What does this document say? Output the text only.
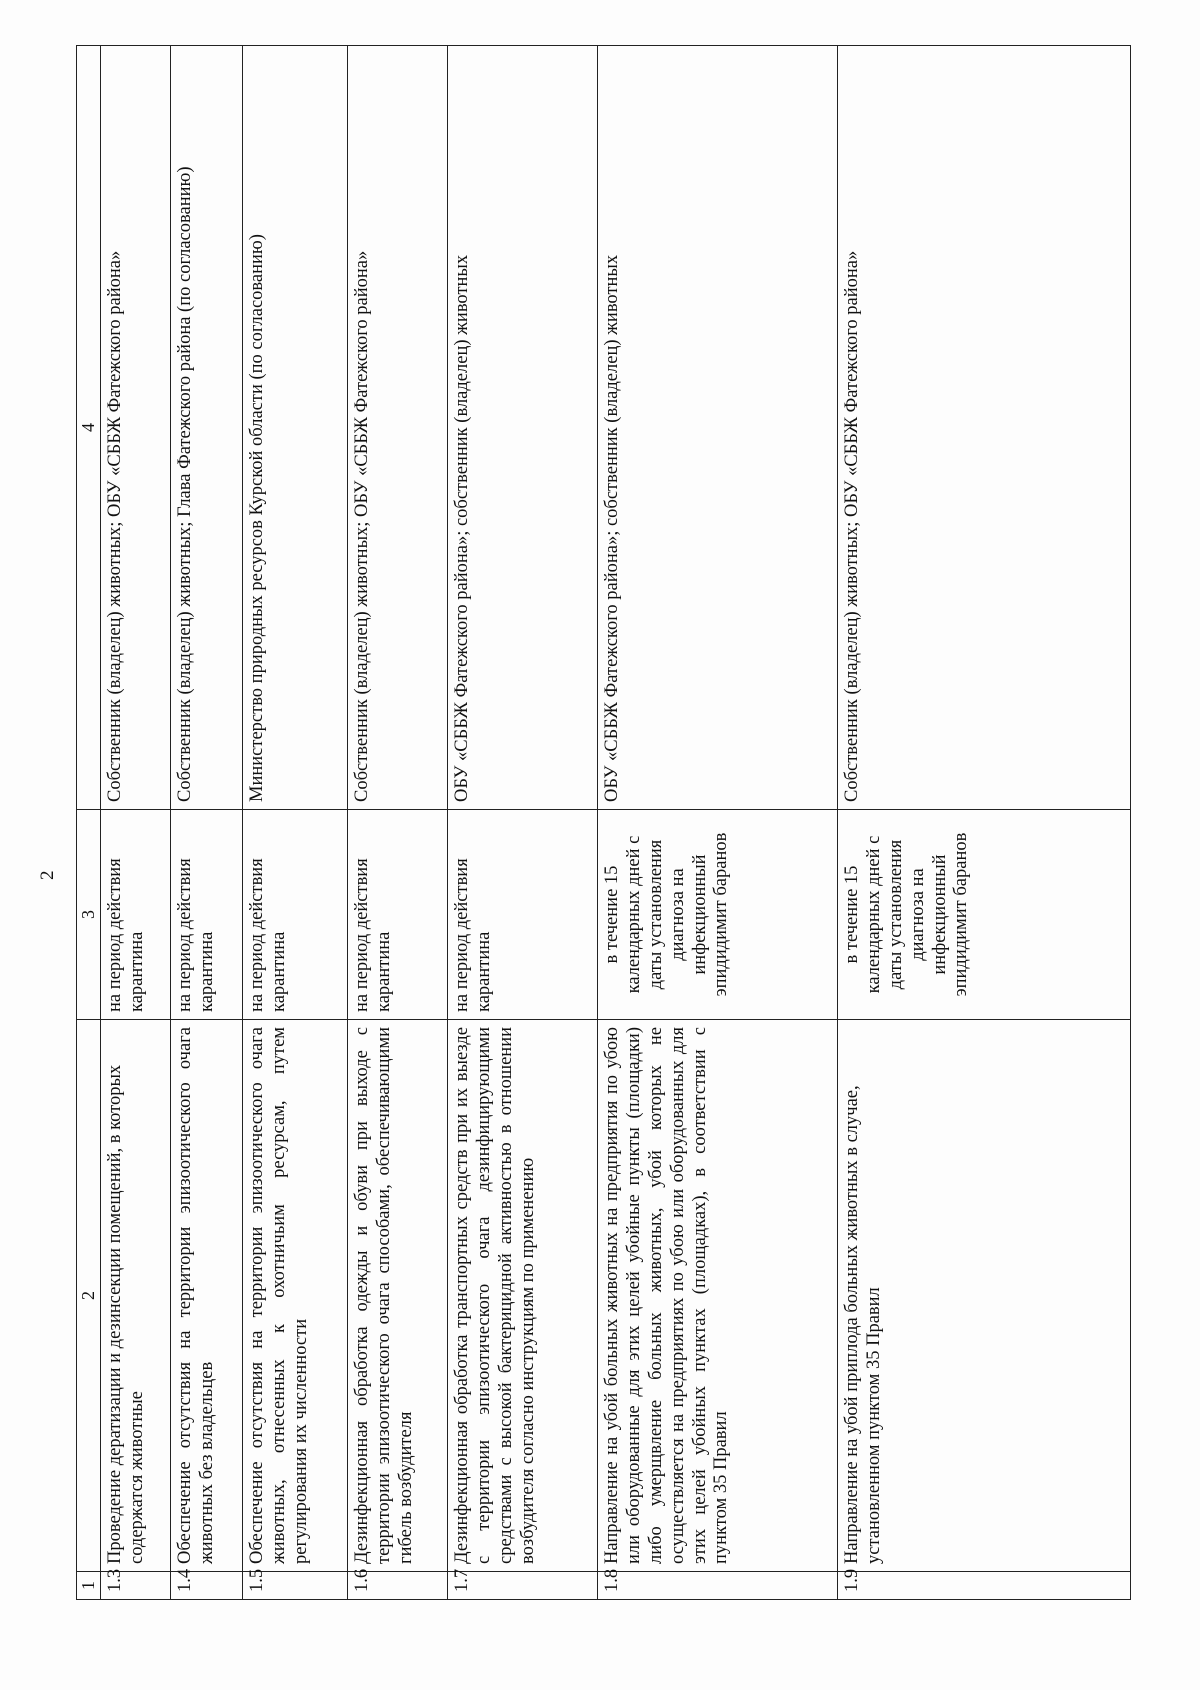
2
1	2	3	4
1.3	Проведение дератизации и дезинсекции помещений, в которых содержатся животные	на период действия карантина	Собственник (владелец) животных; ОБУ «СББЖ Фатежского района»
1.4	Обеспечение отсутствия на территории эпизоотического очага животных без владельцев	на период действия карантина	Собственник (владелец) животных; Глава Фатежского района (по согласованию)
1.5	Обеспечение отсутствия на территории эпизоотического очага животных, отнесенных к охотничьим ресурсам, путем регулирования их численности	на период действия карантина	Министерство природных ресурсов Курской области (по согласованию)
1.6	Дезинфекционная обработка одежды и обуви при выходе с территории эпизоотического очага способами, обеспечивающими гибель возбудителя	на период действия карантина	Собственник (владелец) животных; ОБУ «СББЖ Фатежского района»
1.7	Дезинфекционная обработка транспортных средств при их выезде с территории эпизоотического очага дезинфицирующими средствами с высокой бактерицидной активностью в отношении возбудителя согласно инструкциям по применению	на период действия карантина	ОБУ «СББЖ Фатежского района»; собственник (владелец) животных
1.8	Направление на убой больных животных на предприятия по убою или оборудованные для этих целей убойные пункты (площадки) либо умерщвление больных животных, убой которых не осуществляется на предприятиях по убою или оборудованных для этих целей убойных пунктах (площадках), в соответствии с пунктом 35 Правил	в течение 15 календарных дней с даты установления диагноза на инфекционный эпидидимит баранов	ОБУ «СББЖ Фатежского района»; собственник (владелец) животных
1.9	Направление на убой приплода больных животных в случае, установленном пунктом 35 Правил	в течение 15 календарных дней с даты установления диагноза на инфекционный эпидидимит баранов	Собственник (владелец) животных; ОБУ «СББЖ Фатежского района»
